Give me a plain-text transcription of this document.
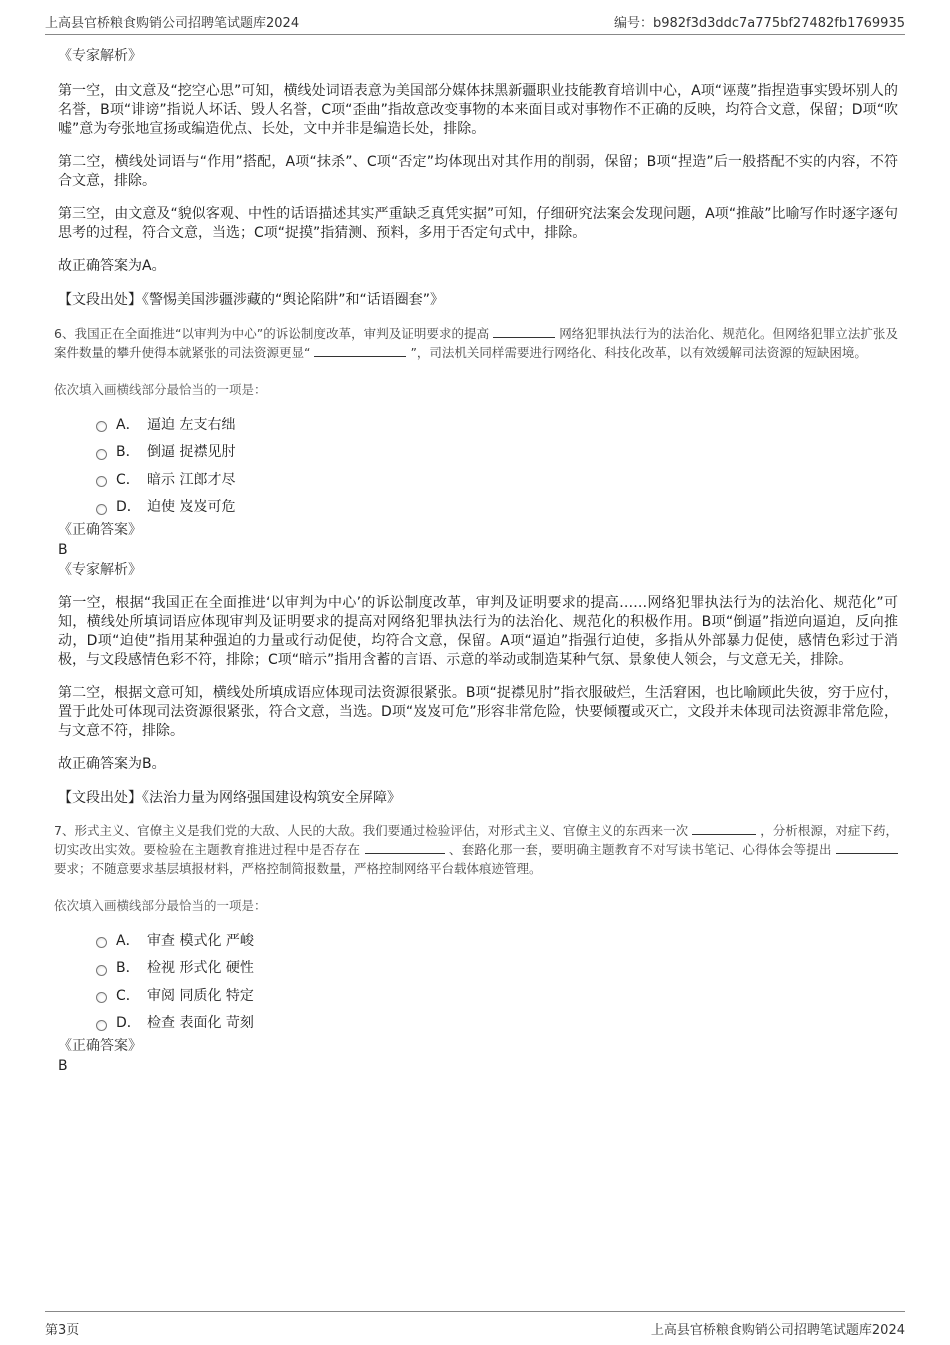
上高县官桥粮食购销公司招聘笔试题库2024	编号：b982f3d3ddc7a775bf27482fb1769935
《专家解析》
第一空，由文意及“挖空心思”可知，横线处词语表意为美国部分媒体抹黑新疆职业技能教育培训中心，A项“诬蔑”指捏造事实毁坏别人的名誉，B项“诽谤”指说人坏话、毁人名誉，C项“歪曲”指故意改变事物的本来面目或对事物作不正确的反映，均符合文意，保留；D项“吹嘘”意为夸张地宣扬或编造优点、长处，文中并非是编造长处，排除。
第二空，横线处词语与“作用”搭配，A项“抹杀”、C项“否定”均体现出对其作用的削弱，保留；B项“捏造”后一般搭配不实的内容，不符合文意，排除。
第三空，由文意及“貌似客观、中性的话语描述其实严重缺乏真凭实据”可知，仔细研究法案会发现问题，A项“推敲”比喻写作时逐字逐句思考的过程，符合文意，当选；C项“捉摸”指猜测、预料，多用于否定句式中，排除。
故正确答案为A。
【文段出处】《警惕美国涉疆涉藏的“舆论陷阱”和“话语圈套”》
6、我国正在全面推进“以审判为中心”的诉讼制度改革，审判及证明要求的提高	网络犯罪执法行为的法治化、规范化。但网络犯罪立法扩张及案件数量的攀升使得本就紧张的司法资源更显“	”，司法机关同样需要进行网络化、科技化改革，以有效缓解司法资源的短缺困境。
依次填入画横线部分最恰当的一项是：
A． 逼迫 左支右绌
B． 倒逼 捉襟见肘
C． 暗示 江郎才尽
D． 迫使 岌岌可危
《正确答案》
B
《专家解析》
第一空，根据“我国正在全面推进‘以审判为中心’的诉讼制度改革，审判及证明要求的提高……网络犯罪执法行为的法治化、规范化”可知，横线处所填词语应体现审判及证明要求的提高对网络犯罪执法行为的法治化、规范化的积极作用。B项“倒逼”指逆向逼迫，反向推动，D项“迫使”指用某种强迫的力量或行动促使，均符合文意，保留。A项“逼迫”指强行迫使，多指从外部暴力促使，感情色彩过于消极，与文段感情色彩不符，排除；C项“暗示”指用含蓄的言语、示意的举动或制造某种气氛、景象使人领会，与文意无关，排除。
第二空，根据文意可知，横线处所填成语应体现司法资源很紧张。B项“捉襟见肘”指衣服破烂，生活窘困，也比喻顾此失彼，穷于应付，置于此处可体现司法资源很紧张，符合文意，当选。D项“岌岌可危”形容非常危险，快要倾覆或灭亡，文段并未体现司法资源非常危险，与文意不符，排除。
故正确答案为B。
【文段出处】《法治力量为网络强国建设构筑安全屏障》
7、形式主义、官僚主义是我们党的大敌、人民的大敌。我们要通过检验评估，对形式主义、官僚主义的东西来一次	，分析根源，对症下药，切实改出实效。要检验在主题教育推进过程中是否存在	、套路化那一套，要明确主题教育不对写读书笔记、心得体会等提出  要求；不随意要求基层填报材料，严格控制简报数量，严格控制网络平台载体痕迹管理。
依次填入画横线部分最恰当的一项是：
A． 审查 模式化 严峻
B． 检视 形式化 硬性
C． 审阅 同质化 特定
D． 检查 表面化 苛刻
《正确答案》
B
第3页	上高县官桥粮食购销公司招聘笔试题库2024
